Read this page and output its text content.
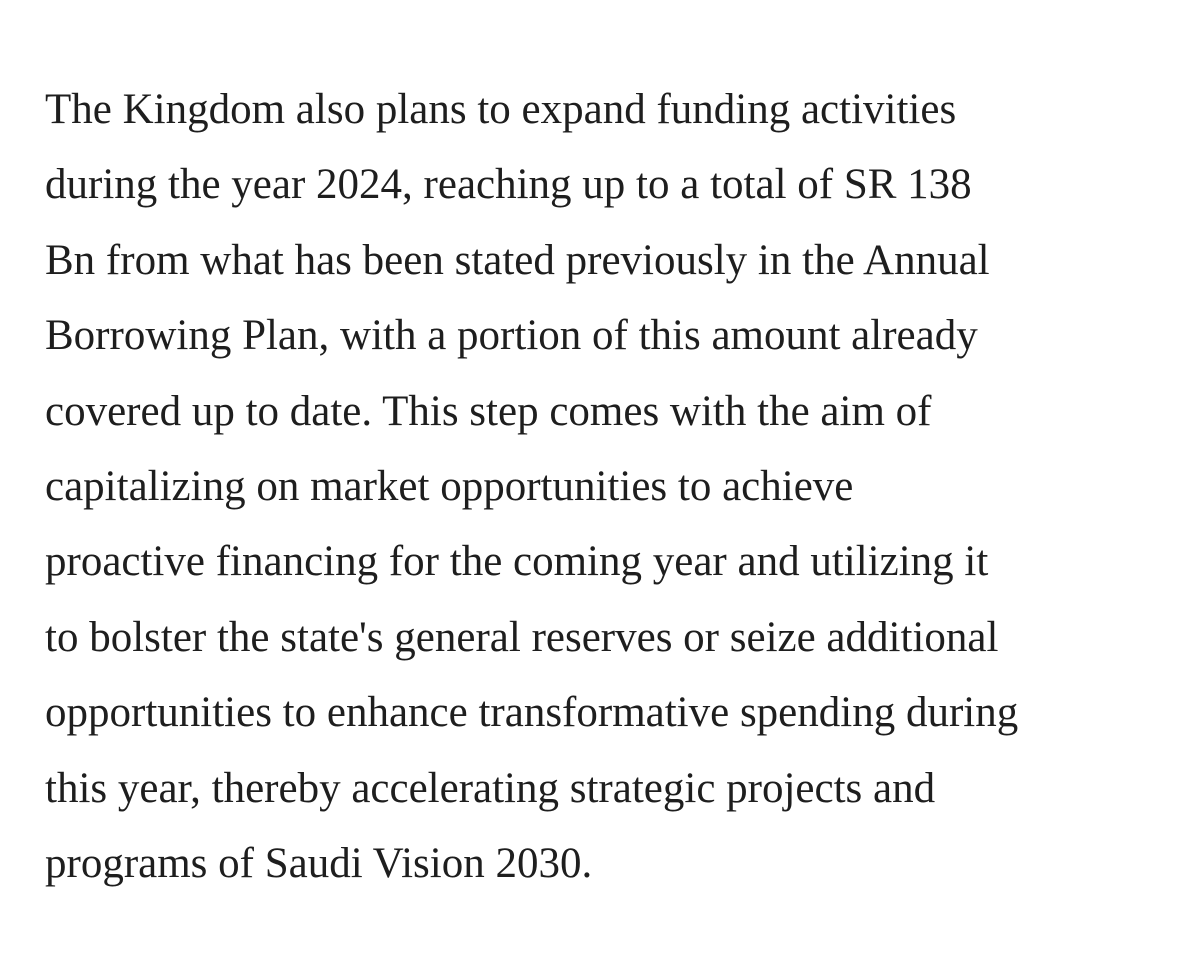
The Kingdom also plans to expand funding activities
during the year 2024, reaching up to a total of SR 138
Bn from what has been stated previously in the Annual
Borrowing Plan, with a portion of this amount already
covered up to date. This step comes with the aim of
capitalizing on market opportunities to achieve
proactive financing for the coming year and utilizing it
to bolster the state's general reserves or seize additional
opportunities to enhance transformative spending during
this year, thereby accelerating strategic projects and
programs of Saudi Vision 2030.
